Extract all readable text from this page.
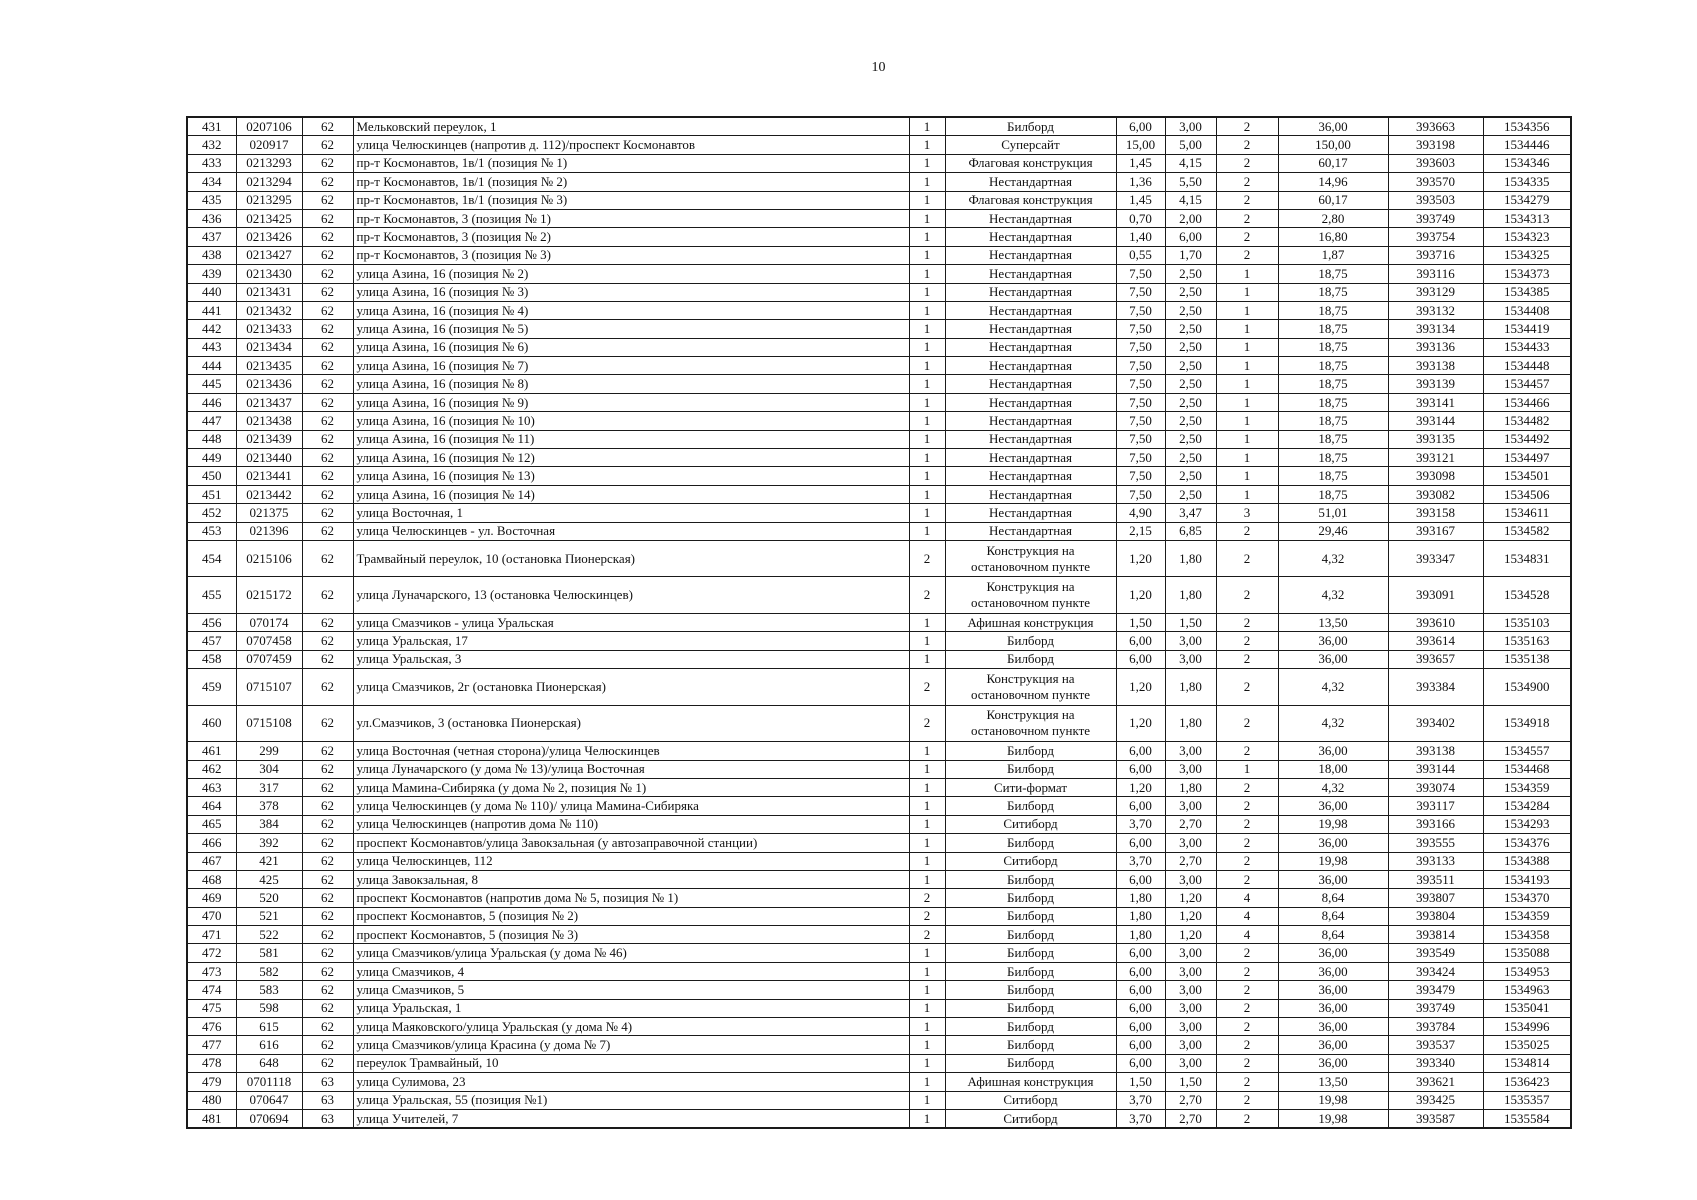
10
431	0207106	62	Мельковский переулок, 1	1	Билборд	6,00	3,00	2	36,00	393663	1534356
432	020917	62	улица Челюскинцев (напротив д. 112)/проспект Космонавтов	1	Суперсайт	15,00	5,00	2	150,00	393198	1534446
433	0213293	62	пр-т Космонавтов, 1в/1 (позиция № 1)	1	Флаговая конструкция	1,45	4,15	2	60,17	393603	1534346
434	0213294	62	пр-т Космонавтов, 1в/1 (позиция № 2)	1	Нестандартная	1,36	5,50	2	14,96	393570	1534335
435	0213295	62	пр-т Космонавтов, 1в/1 (позиция № 3)	1	Флаговая конструкция	1,45	4,15	2	60,17	393503	1534279
436	0213425	62	пр-т Космонавтов, 3 (позиция № 1)	1	Нестандартная	0,70	2,00	2	2,80	393749	1534313
437	0213426	62	пр-т Космонавтов, 3 (позиция № 2)	1	Нестандартная	1,40	6,00	2	16,80	393754	1534323
438	0213427	62	пр-т Космонавтов, 3 (позиция № 3)	1	Нестандартная	0,55	1,70	2	1,87	393716	1534325
439	0213430	62	улица Азина, 16 (позиция № 2)	1	Нестандартная	7,50	2,50	1	18,75	393116	1534373
440	0213431	62	улица Азина, 16 (позиция № 3)	1	Нестандартная	7,50	2,50	1	18,75	393129	1534385
441	0213432	62	улица Азина, 16 (позиция № 4)	1	Нестандартная	7,50	2,50	1	18,75	393132	1534408
442	0213433	62	улица Азина, 16 (позиция № 5)	1	Нестандартная	7,50	2,50	1	18,75	393134	1534419
443	0213434	62	улица Азина, 16 (позиция № 6)	1	Нестандартная	7,50	2,50	1	18,75	393136	1534433
444	0213435	62	улица Азина, 16 (позиция № 7)	1	Нестандартная	7,50	2,50	1	18,75	393138	1534448
445	0213436	62	улица Азина, 16 (позиция № 8)	1	Нестандартная	7,50	2,50	1	18,75	393139	1534457
446	0213437	62	улица Азина, 16 (позиция № 9)	1	Нестандартная	7,50	2,50	1	18,75	393141	1534466
447	0213438	62	улица Азина, 16 (позиция № 10)	1	Нестандартная	7,50	2,50	1	18,75	393144	1534482
448	0213439	62	улица Азина, 16 (позиция № 11)	1	Нестандартная	7,50	2,50	1	18,75	393135	1534492
449	0213440	62	улица Азина, 16 (позиция № 12)	1	Нестандартная	7,50	2,50	1	18,75	393121	1534497
450	0213441	62	улица Азина, 16 (позиция № 13)	1	Нестандартная	7,50	2,50	1	18,75	393098	1534501
451	0213442	62	улица Азина, 16 (позиция № 14)	1	Нестандартная	7,50	2,50	1	18,75	393082	1534506
452	021375	62	улица Восточная, 1	1	Нестандартная	4,90	3,47	3	51,01	393158	1534611
453	021396	62	улица Челюскинцев - ул. Восточная	1	Нестандартная	2,15	6,85	2	29,46	393167	1534582
454	0215106	62	Трамвайный переулок, 10 (остановка Пионерская)	2	Конструкция на остановочном пункте	1,20	1,80	2	4,32	393347	1534831
455	0215172	62	улица Луначарского, 13 (остановка Челюскинцев)	2	Конструкция на остановочном пункте	1,20	1,80	2	4,32	393091	1534528
456	070174	62	улица Смазчиков - улица Уральская	1	Афишная конструкция	1,50	1,50	2	13,50	393610	1535103
457	0707458	62	улица Уральская, 17	1	Билборд	6,00	3,00	2	36,00	393614	1535163
458	0707459	62	улица Уральская, 3	1	Билборд	6,00	3,00	2	36,00	393657	1535138
459	0715107	62	улица Смазчиков, 2г (остановка Пионерская)	2	Конструкция на остановочном пункте	1,20	1,80	2	4,32	393384	1534900
460	0715108	62	ул.Смазчиков, 3 (остановка Пионерская)	2	Конструкция на остановочном пункте	1,20	1,80	2	4,32	393402	1534918
461	299	62	улица Восточная (четная сторона)/улица Челюскинцев	1	Билборд	6,00	3,00	2	36,00	393138	1534557
462	304	62	улица Луначарского (у дома № 13)/улица Восточная	1	Билборд	6,00	3,00	1	18,00	393144	1534468
463	317	62	улица Мамина-Сибиряка (у дома № 2, позиция № 1)	1	Сити-формат	1,20	1,80	2	4,32	393074	1534359
464	378	62	улица Челюскинцев (у дома № 110)/ улица Мамина-Сибиряка	1	Билборд	6,00	3,00	2	36,00	393117	1534284
465	384	62	улица Челюскинцев (напротив дома № 110)	1	Ситиборд	3,70	2,70	2	19,98	393166	1534293
466	392	62	проспект Космонавтов/улица Завокзальная (у автозаправочной станции)	1	Билборд	6,00	3,00	2	36,00	393555	1534376
467	421	62	улица Челюскинцев, 112	1	Ситиборд	3,70	2,70	2	19,98	393133	1534388
468	425	62	улица Завокзальная, 8	1	Билборд	6,00	3,00	2	36,00	393511	1534193
469	520	62	проспект Космонавтов (напротив дома № 5, позиция № 1)	2	Билборд	1,80	1,20	4	8,64	393807	1534370
470	521	62	проспект Космонавтов, 5 (позиция № 2)	2	Билборд	1,80	1,20	4	8,64	393804	1534359
471	522	62	проспект Космонавтов, 5 (позиция № 3)	2	Билборд	1,80	1,20	4	8,64	393814	1534358
472	581	62	улица Смазчиков/улица Уральская (у дома № 46)	1	Билборд	6,00	3,00	2	36,00	393549	1535088
473	582	62	улица Смазчиков, 4	1	Билборд	6,00	3,00	2	36,00	393424	1534953
474	583	62	улица Смазчиков, 5	1	Билборд	6,00	3,00	2	36,00	393479	1534963
475	598	62	улица Уральская, 1	1	Билборд	6,00	3,00	2	36,00	393749	1535041
476	615	62	улица Маяковского/улица Уральская (у дома № 4)	1	Билборд	6,00	3,00	2	36,00	393784	1534996
477	616	62	улица Смазчиков/улица Красина (у дома № 7)	1	Билборд	6,00	3,00	2	36,00	393537	1535025
478	648	62	переулок Трамвайный, 10	1	Билборд	6,00	3,00	2	36,00	393340	1534814
479	0701118	63	улица Сулимова, 23	1	Афишная конструкция	1,50	1,50	2	13,50	393621	1536423
480	070647	63	улица Уральская, 55 (позиция №1)	1	Ситиборд	3,70	2,70	2	19,98	393425	1535357
481	070694	63	улица Учителей, 7	1	Ситиборд	3,70	2,70	2	19,98	393587	1535584
